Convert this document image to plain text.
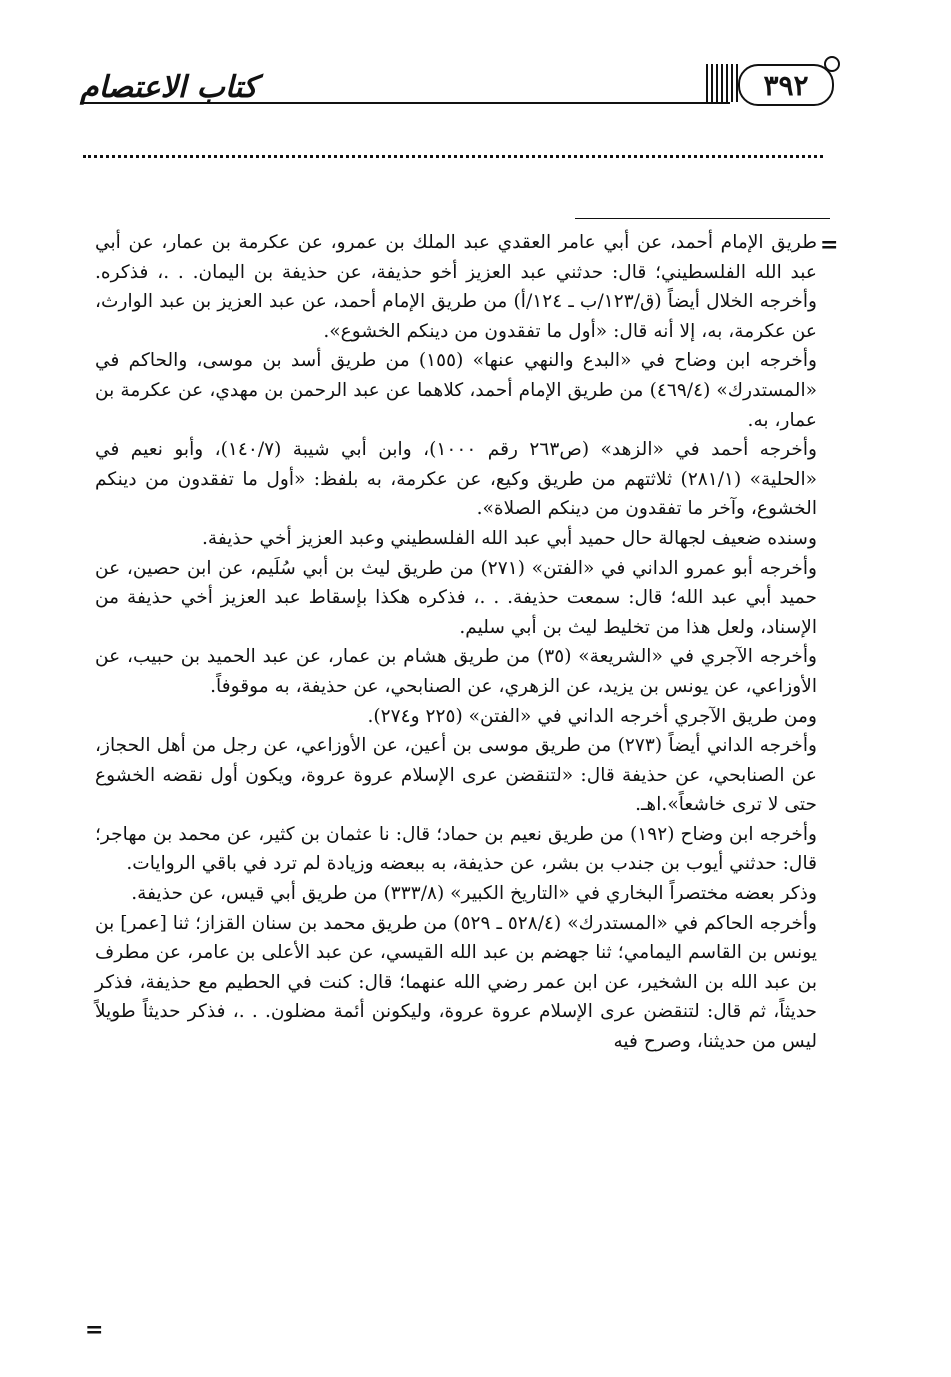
كتاب الاعتصام	٣٩٢
=

طريق الإمام أحمد، عن أبي عامر العقدي عبد الملك بن عمرو، عن عكرمة بن عمار، عن أبي عبد الله الفلسطيني؛ قال: حدثني عبد العزيز أخو حذيفة، عن حذيفة بن اليمان. . .، فذكره. وأخرجه الخلال أيضاً (ق/١٢٣/ب ـ ١٢٤/أ) من طريق الإمام أحمد، عن عبد العزيز بن عبد الوارث، عن عكرمة، به، إلا أنه قال: «أول ما تفقدون من دينكم الخشوع».

وأخرجه ابن وضاح في «البدع والنهي عنها» (١٥٥) من طريق أسد بن موسى، والحاكم في «المستدرك» (٤٦٩/٤) من طريق الإمام أحمد، كلاهما عن عبد الرحمن بن مهدي، عن عكرمة بن عمار، به.

وأخرجه أحمد في «الزهد» (ص٢٦٣ رقم ١٠٠٠)، وابن أبي شيبة (١٤٠/٧)، وأبو نعيم في «الحلية» (٢٨١/١) ثلاثتهم من طريق وكيع، عن عكرمة، به بلفظ: «أول ما تفقدون من دينكم الخشوع، وآخر ما تفقدون من دينكم الصلاة».

وسنده ضعيف لجهالة حال حميد أبي عبد الله الفلسطيني وعبد العزيز أخي حذيفة.

وأخرجه أبو عمرو الداني في «الفتن» (٢٧١) من طريق ليث بن أبي سُلَيم، عن ابن حصين، عن حميد أبي عبد الله؛ قال: سمعت حذيفة. . .، فذكره هكذا بإسقاط عبد العزيز أخي حذيفة من الإسناد، ولعل هذا من تخليط ليث بن أبي سليم.

وأخرجه الآجري في «الشريعة» (٣٥) من طريق هشام بن عمار، عن عبد الحميد بن حبيب، عن الأوزاعي، عن يونس بن يزيد، عن الزهري، عن الصنابحي، عن حذيفة، به موقوفاً.

ومن طريق الآجري أخرجه الداني في «الفتن» (٢٢٥ و٢٧٤).

وأخرجه الداني أيضاً (٢٧٣) من طريق موسى بن أعين، عن الأوزاعي، عن رجل من أهل الحجاز، عن الصنابحي، عن حذيفة قال: «لتنقضن عرى الإسلام عروة عروة، ويكون أول نقضه الخشوع حتى لا ترى خاشعاً».اهـ.

وأخرجه ابن وضاح (١٩٢) من طريق نعيم بن حماد؛ قال: نا عثمان بن كثير، عن محمد بن مهاجر؛ قال: حدثني أيوب بن جندب بن بشر، عن حذيفة، به ببعضه وزيادة لم ترد في باقي الروايات.

وذكر بعضه مختصراً البخاري في «التاريخ الكبير» (٣٣٣/٨) من طريق أبي قيس، عن حذيفة.

وأخرجه الحاكم في «المستدرك» (٥٢٨/٤ ـ ٥٢٩) من طريق محمد بن سنان القزاز؛ ثنا [عمر] بن يونس بن القاسم اليمامي؛ ثنا جهضم بن عبد الله القيسي، عن عبد الأعلى بن عامر، عن مطرف بن عبد الله بن الشخير، عن ابن عمر رضي الله عنهما؛ قال: كنت في الحطيم مع حذيفة، فذكر حديثاً، ثم قال: لتنقضن عرى الإسلام عروة عروة، وليكونن أئمة مضلون. . .، فذكر حديثاً طويلاً ليس من حديثنا، وصرح فيه

=
